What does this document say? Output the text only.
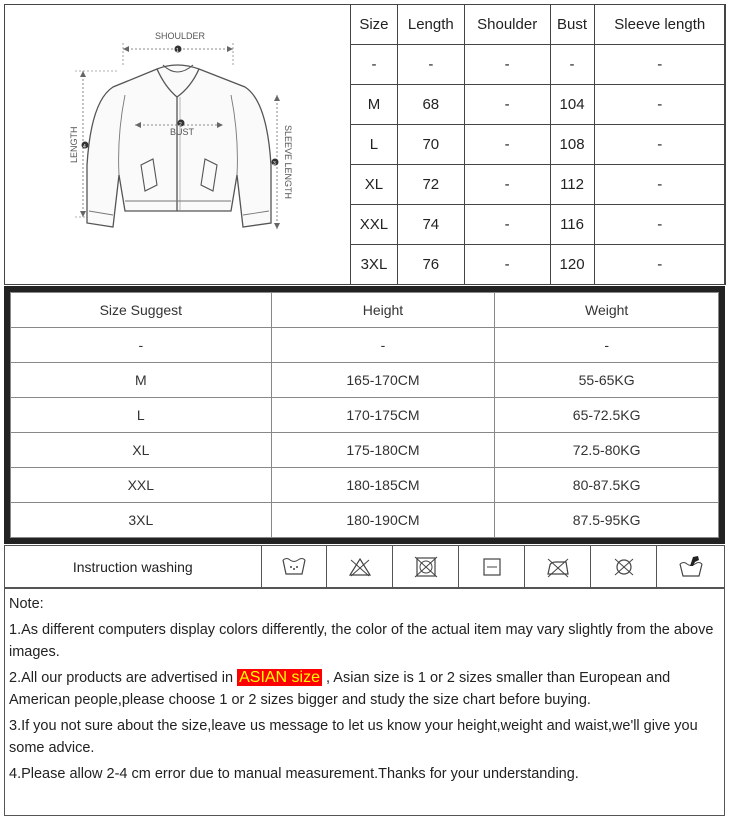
SHOULDER
1
LENGTH 4	SLEEVE LENGTH
3
BUST
2
Size	Length	Shoulder	Bust	Sleeve length
-	-	-	-	-
M	68	-	104	-
L	70	-	108	-
XL	72	-	112	-
XXL	74	-	116	-
3XL	76	-	120	-
Size Suggest	Height	Weight
-	-	-
M	165-170CM	55-65KG
L	170-175CM	65-72.5KG
XL	175-180CM	72.5-80KG
XXL	180-185CM	80-87.5KG
3XL	180-190CM	87.5-95KG
Instruction washing	

Note:

1.As different computers display colors differently, the color of the actual item may vary slightly from the above images.

2.All our products are advertised in ASIAN size , Asian size is 1 or 2 sizes smaller than European and

American people,please choose 1 or 2 sizes bigger and study the size chart before buying.

3.If you not sure about the size,leave us message to let us know your height,weight and waist,we'll give you some advice.

4.Please allow 2-4 cm error due to manual measurement.Thanks for your understanding.
